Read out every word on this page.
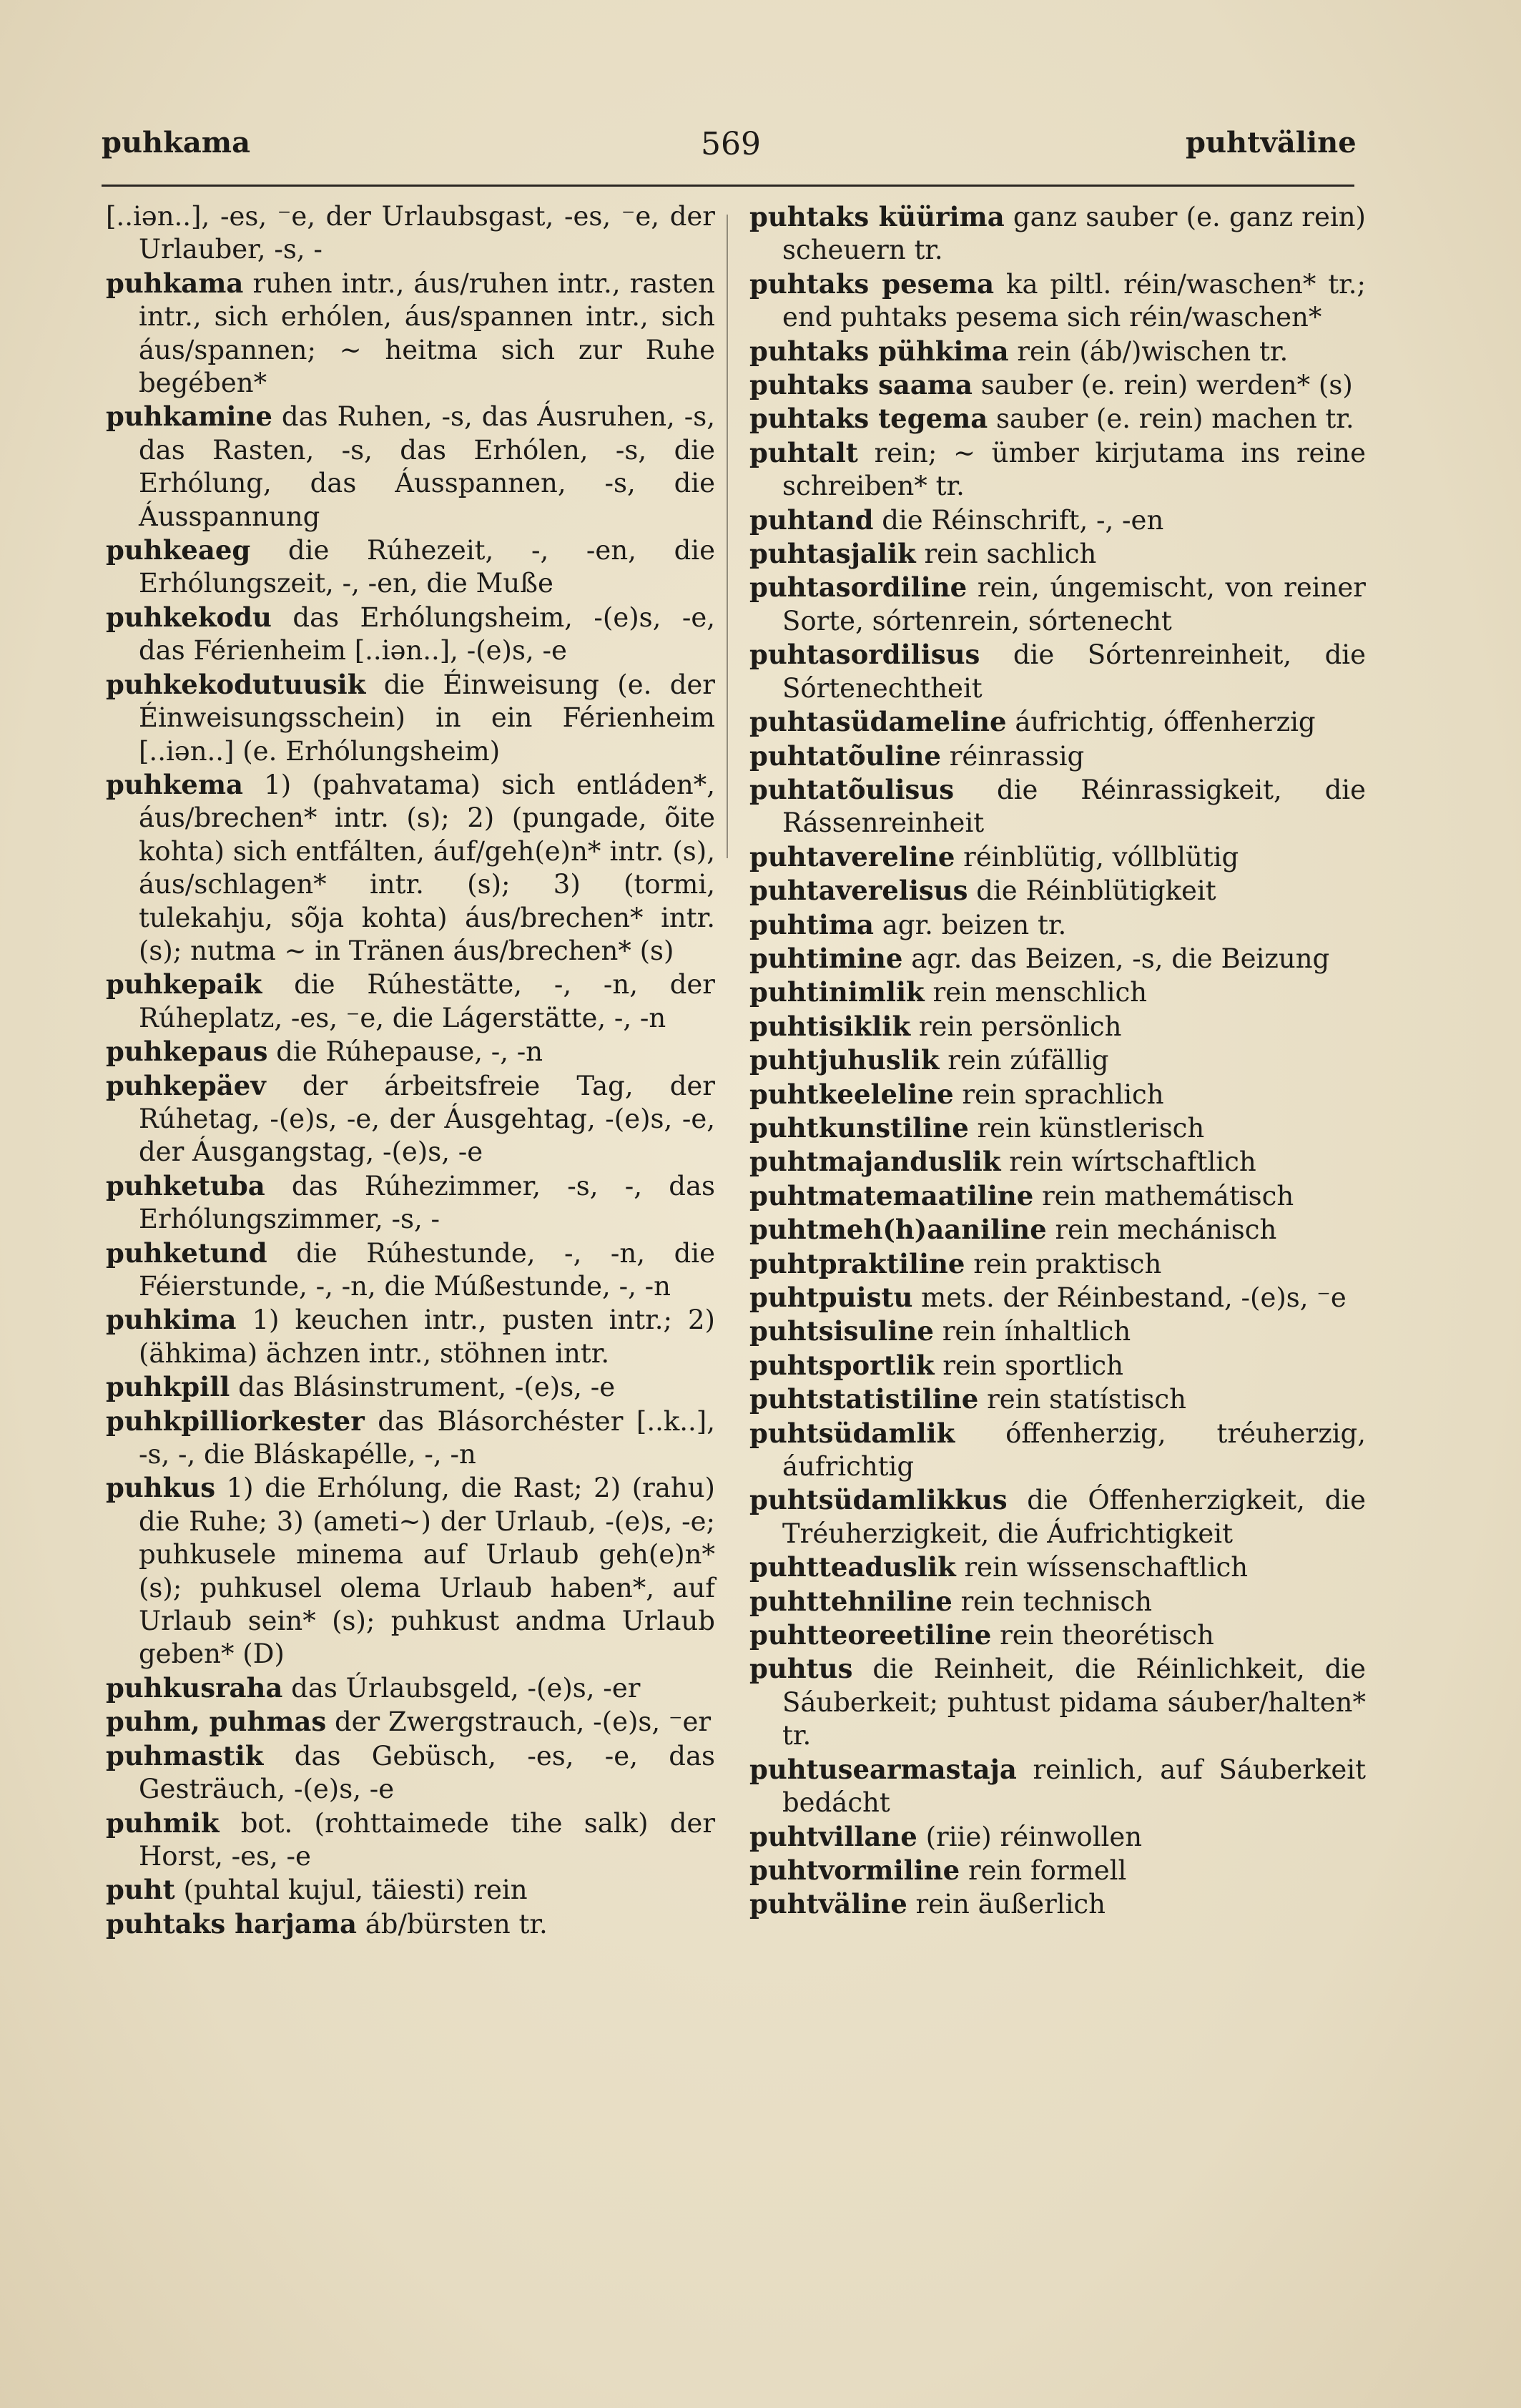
puhkama	569	puhtväline
[..iən..], -es, ⁻e, der Urlaubsgast, -es, ⁻e, der Urlauber, -s, -
puhkama ruhen intr., áus/ruhen intr., rasten intr., sich erhólen, áus/spannen intr., sich áus/spannen; ~ heitma sich zur Ruhe begében*
puhkamine das Ruhen, -s, das Áusruhen, -s, das Rasten, -s, das Erhólen, -s, die Erhólung, das Áusspannen, -s, die Áusspannung
puhkeaeg die Rúhezeit, -, -en, die Erhólungszeit, -, -en, die Muße
puhkekodu das Erhólungsheim, -(e)s, -e, das Férienheim [..iən..], -(e)s, -e
puhkekodutuusik die Éinweisung (e. der Éinweisungsschein) in ein Férienheim [..iən..] (e. Erhólungsheim)
puhkema 1) (pahvatama) sich entláden*, áus/brechen* intr. (s); 2) (pungade, õite kohta) sich entfálten, áuf/geh(e)n* intr. (s), áus/schlagen* intr. (s); 3) (tormi, tulekahju, sõja kohta) áus/brechen* intr. (s); nutma ~ in Tränen áus/brechen* (s)
puhkepaik die Rúhestätte, -, -n, der Rúheplatz, -es, ⁻e, die Lágerstätte, -, -n
puhkepaus die Rúhepause, -, -n
puhkepäev der árbeitsfreie Tag, der Rúhetag, -(e)s, -e, der Áusgehtag, -(e)s, -e, der Áusgangstag, -(e)s, -e
puhketuba das Rúhezimmer, -s, -, das Erhólungszimmer, -s, -
puhketund die Rúhestunde, -, -n, die Féierstunde, -, -n, die Múßestunde, -, -n
puhkima 1) keuchen intr., pusten intr.; 2) (ähkima) ächzen intr., stöhnen intr.
puhkpill das Blásinstrument, -(e)s, -e
puhkpilliorkester das Blásorchéster [..k..], -s, -, die Bláskapélle, -, -n
puhkus 1) die Erhólung, die Rast; 2) (rahu) die Ruhe; 3) (ameti~) der Urlaub, -(e)s, -e; puhkusele minema auf Urlaub geh(e)n* (s); puhkusel olema Urlaub haben*, auf Urlaub sein* (s); puhkust andma Urlaub geben* (D)
puhkusraha das Úrlaubsgeld, -(e)s, -er
puhm, puhmas der Zwergstrauch, -(e)s, ⁻er
puhmastik das Gebüsch, -es, -e, das Gesträuch, -(e)s, -e
puhmik bot. (rohttaimede tihe salk) der Horst, -es, -e
puht (puhtal kujul, täiesti) rein
puhtaks harjama áb/bürsten tr.
puhtaks küürima ganz sauber (e. ganz rein) scheuern tr.
puhtaks pesema ka piltl. réin/waschen* tr.; end puhtaks pesema sich réin/waschen*
puhtaks pühkima rein (áb/)wischen tr.
puhtaks saama sauber (e. rein) werden* (s)
puhtaks tegema sauber (e. rein) machen tr.
puhtalt rein; ~ ümber kirjutama ins reine schreiben* tr.
puhtand die Réinschrift, -, -en
puhtasjalik rein sachlich
puhtasordiline rein, úngemischt, von reiner Sorte, sórtenrein, sórtenecht
puhtasordilisus die Sórtenreinheit, die Sórtenechtheit
puhtasüdameline áufrichtig, óffenherzig
puhtatõuline réinrassig
puhtatõulisus die Réinrassigkeit, die Rássenreinheit
puhtavereline réinblütig, vóllblütig
puhtaverelisus die Réinblütigkeit
puhtima agr. beizen tr.
puhtimine agr. das Beizen, -s, die Beizung
puhtinimlik rein menschlich
puhtisiklik rein persönlich
puhtjuhuslik rein zúfällig
puhtkeeleline rein sprachlich
puhtkunstiline rein künstlerisch
puhtmajanduslik rein wírtschaftlich
puhtmatemaatiline rein mathemátisch
puhtmeh(h)aaniline rein mechánisch
puhtpraktiline rein praktisch
puhtpuistu mets. der Réinbestand, -(e)s, ⁻e
puhtsisuline rein ínhaltlich
puhtsportlik rein sportlich
puhtstatistiline rein statístisch
puhtsüdamlik óffenherzig, tréuherzig, áufrichtig
puhtsüdamlikkus die Óffenherzigkeit, die Tréuherzigkeit, die Áufrichtigkeit
puhtteaduslik rein wíssenschaftlich
puhttehniline rein technisch
puhtteoreetiline rein theorétisch
puhtus die Reinheit, die Réinlichkeit, die Sáuberkeit; puhtust pidama sáuber/halten* tr.
puhtusearmastaja reinlich, auf Sáuberkeit bedácht
puhtvillane (riie) réinwollen
puhtvormiline rein formell
puhtväline rein äußerlich
